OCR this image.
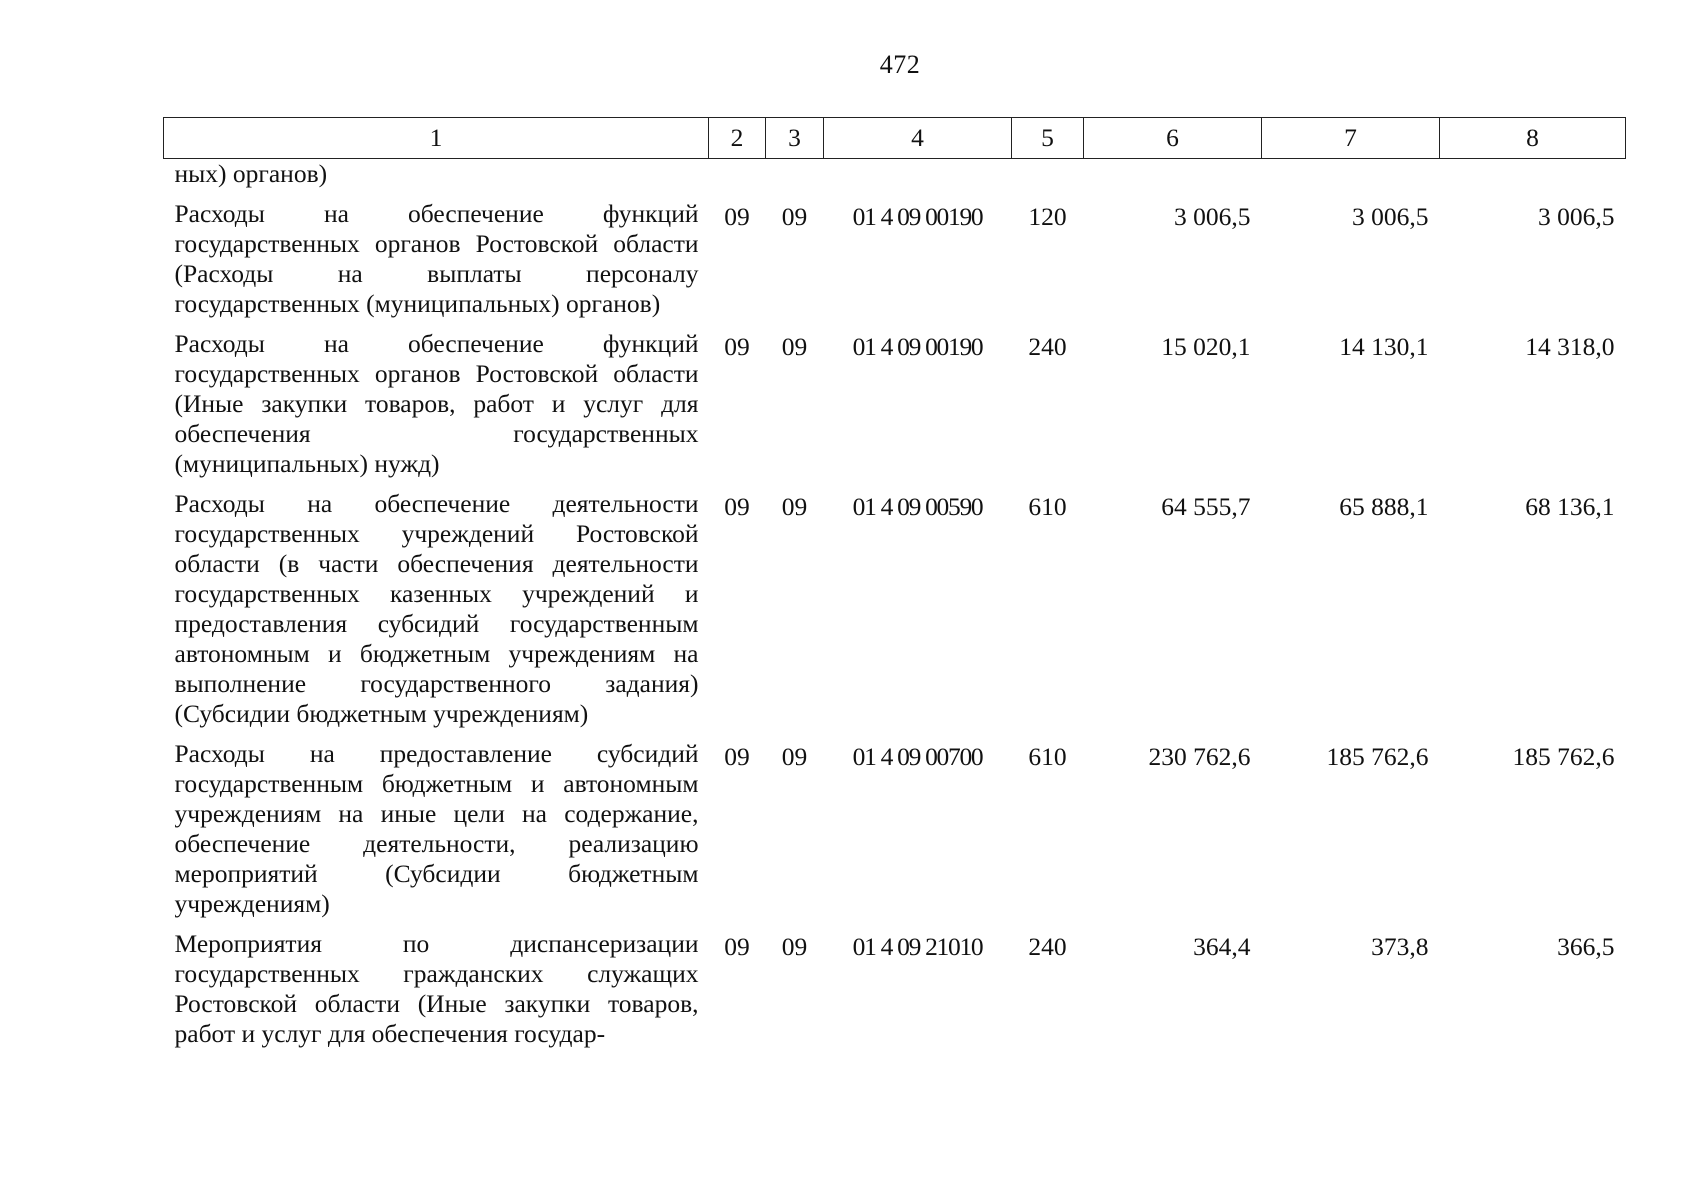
472
1	2	3	4	5	6	7	8
ных) органов)							
Расходы на обеспечение функций государственных органов Ростовской области (Расходы на выплаты персоналу государственных (муниципальных) органов)	09	09	01 4 09 00190	120	3 006,5	3 006,5	3 006,5
Расходы на обеспечение функций государственных органов Ростовской области (Иные закупки товаров, работ и услуг для обеспечения государственных (муниципальных) нужд)	09	09	01 4 09 00190	240	15 020,1	14 130,1	14 318,0
Расходы на обеспечение деятельности государственных учреждений Ростовской области (в части обеспечения деятельности государственных казенных учреждений и предоставления субсидий государственным автономным и бюджетным учреждениям на выполнение государственного задания) (Субсидии бюджетным учреждениям)	09	09	01 4 09 00590	610	64 555,7	65 888,1	68 136,1
Расходы на предоставление субсидий государственным бюджетным и автономным учреждениям на иные цели на содержание, обеспечение деятельности, реализацию мероприятий (Субсидии бюджетным учреждениям)	09	09	01 4 09 00700	610	230 762,6	185 762,6	185 762,6
Мероприятия по диспансеризации государственных гражданских служащих Ростовской области (Иные закупки товаров, работ и услуг для обеспечения государ-	09	09	01 4 09 21010	240	364,4	373,8	366,5
